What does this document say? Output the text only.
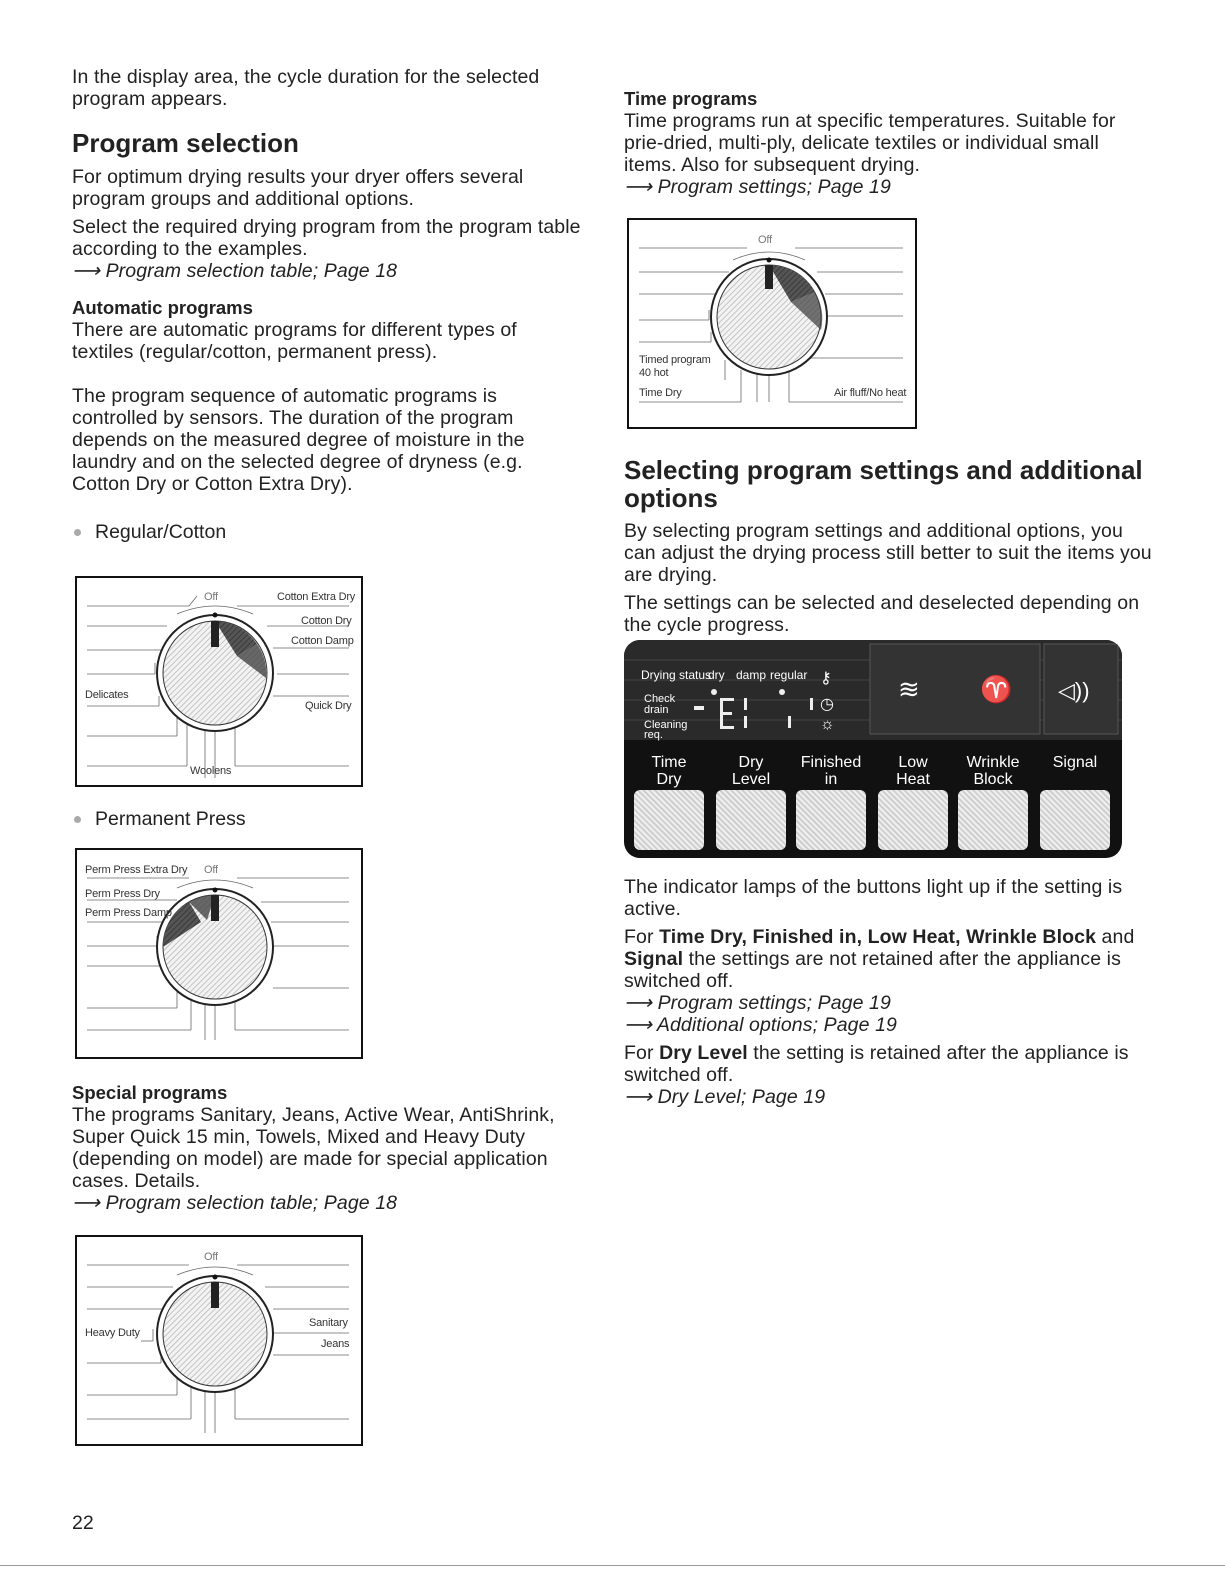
In the display area, the cycle duration for the selected program appears.

Program selection

For optimum drying results your dryer offers several program groups and additional options.

Select the required drying program from the program table according to the examples.

⟶ Program selection table; Page 18

Automatic programs

There are automatic programs for different types of textiles (regular/cotton, permanent press).

The program sequence of automatic programs is controlled by sensors. The duration of the program depends on the measured degree of moisture in the laundry and on the selected degree of dryness (e.g. Cotton Dry or Cotton Extra Dry).

Regular/Cotton
Permanent Press
Special programs

The programs Sanitary, Jeans, Active Wear, AntiShrink, Super Quick 15 min, Towels, Mixed and Heavy Duty (depending on model) are made for special application cases. Details.

⟶ Program selection table; Page 18

Off	Cotton Extra Dry
Cotton Dry
Cotton Damp
Delicates
Quick Dry
Woolens
Off
Perm Press Extra Dry
Perm Press Dry
Perm Press Damp
Off
Heavy Duty
Sanitary
Jeans
Time programs

Time programs run at specific temperatures. Suitable for prie-dried, multi-ply, delicate textiles or individual small items. Also for subsequent drying.

⟶ Program settings; Page 19

Off
Timed program
40 hot
Time Dry	Air fluff/No heat
Selecting program settings and additional options

By selecting program settings and additional options, you can adjust the drying process still better to suit the items you are drying.

The settings can be selected and deselected depending on the cycle progress.

Drying status
dry damp regular
Check drain
Cleaning req.
⚷
◷
☼
≋ ♈ ◁))
Time
Dry
Dry
Level
Finished
in
Low
Heat
Wrinkle
Block
Signal

The indicator lamps of the buttons light up if the setting is active.

For Time Dry, Finished in, Low Heat, Wrinkle Block and Signal the settings are not retained after the appliance is switched off.

⟶ Program settings; Page 19

⟶ Additional options; Page 19

For Dry Level the setting is retained after the appliance is switched off.

⟶ Dry Level; Page 19

22
